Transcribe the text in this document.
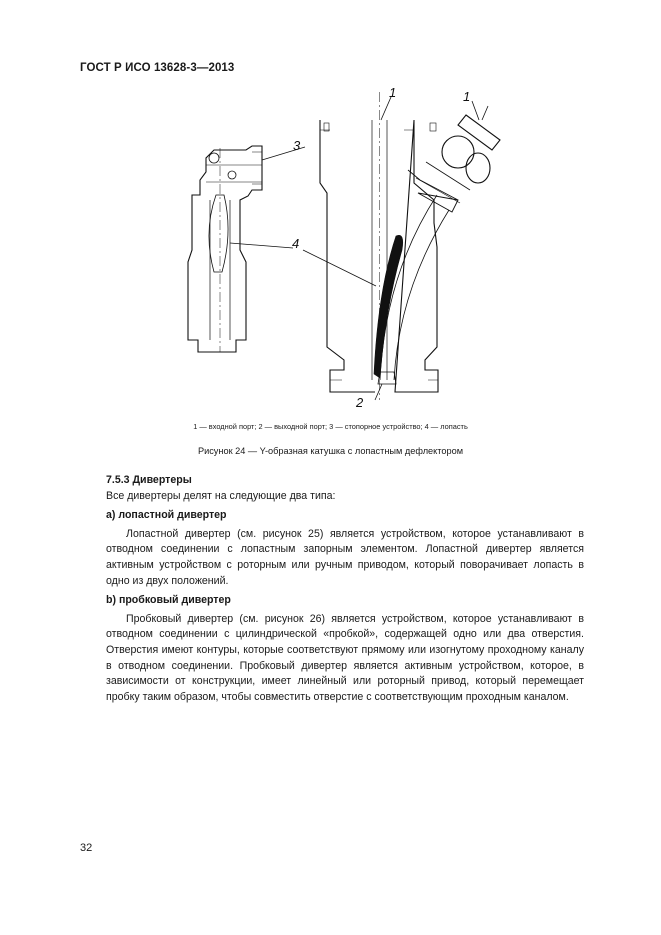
ГОСТ Р ИСО 13628-3—2013
1	1
3
4
2
1 — входной порт; 2 — выходной порт; 3 — стопорное устройство; 4 — лопасть
Рисунок 24 — Y-образная катушка с лопастным дефлектором
7.5.3 Дивертеры
Все дивертеры делят на следующие два типа:
а) лопастной дивертер

Лопастной дивертер (см. рисунок 25) является устройством, которое устанавливают в отводном соединении с лопастным запорным элементом. Лопастной дивертер является активным устройством с роторным или ручным приводом, который поворачивает лопасть в одно из двух положений.

b) пробковый дивертер

Пробковый дивертер (см. рисунок 26) является устройством, которое устанавливают в отводном соединении с цилиндрической «пробкой», содержащей одно или два отверстия. Отверстия имеют контуры, которые соответствуют прямому или изогнутому проходному каналу в отводном соединении. Пробковый дивертер является активным устройством, которое, в зависимости от конструкции, имеет линейный или роторный привод, который перемещает пробку таким образом, чтобы совместить отверстие с соответствующим проходным каналом.

32
